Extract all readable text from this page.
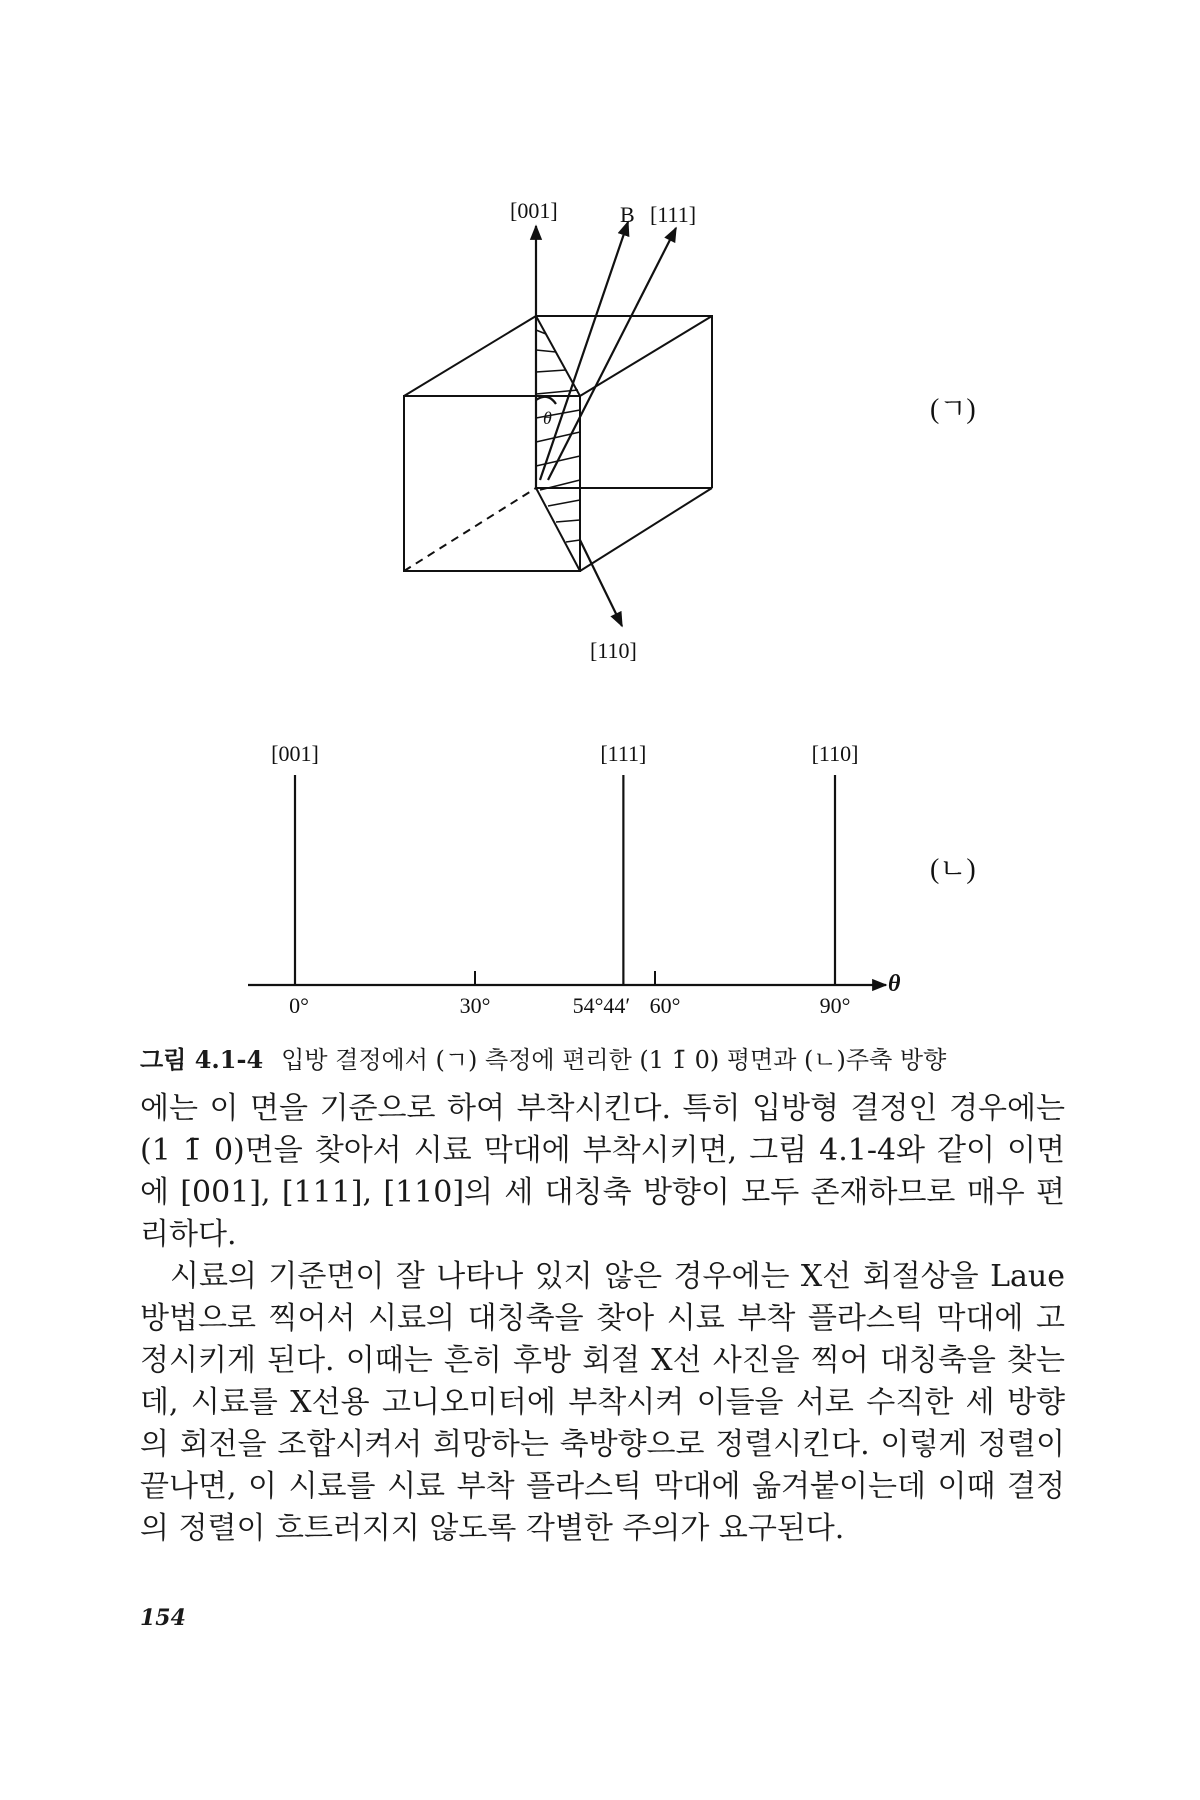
[001]	B [111]
[110]
θ	(ㄱ)
θ
[001]	[111]	[110]
0°	30°	54°44′ 60°	90°
(ㄴ)
그림 4.1-4 입방 결정에서 (ㄱ) 측정에 편리한 (1 1̄ 0) 평면과 (ㄴ)주축 방향

에는 이 면을 기준으로 하여 부착시킨다. 특히 입방형 결정인 경우에는 (1 1̄ 0)면을 찾아서 시료 막대에 부착시키면, 그림 4.1-4와 같이 이면에 [001], [111], [110]의 세 대칭축 방향이 모두 존재하므로 매우 편리하다.

시료의 기준면이 잘 나타나 있지 않은 경우에는 X선 회절상을 Laue 방법으로 찍어서 시료의 대칭축을 찾아 시료 부착 플라스틱 막대에 고정시키게 된다. 이때는 흔히 후방 회절 X선 사진을 찍어 대칭축을 찾는데, 시료를 X선용 고니오미터에 부착시켜 이들을 서로 수직한 세 방향의 회전을 조합시켜서 희망하는 축방향으로 정렬시킨다. 이렇게 정렬이 끝나면, 이 시료를 시료 부착 플라스틱 막대에 옮겨붙이는데 이때 결정의 정렬이 흐트러지지 않도록 각별한 주의가 요구된다.

154
